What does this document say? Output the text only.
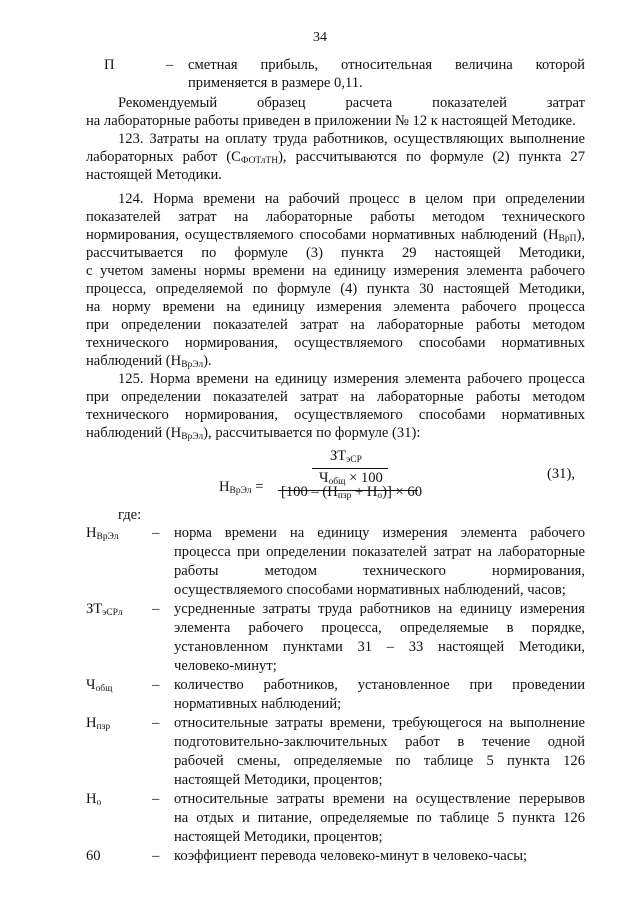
34
П	– сметная прибыль, относительная величина которой

применяется в размере 0,11.

Рекомендуемый образец расчета показателей затрат

на лабораторные работы приведен в приложении № 12 к настоящей Методике.

123. Затраты на оплату труда работников, осуществляющих выполнение

лабораторных работ $(С_{ФОТлТН})$, рассчитываются по формуле (2) пункта 27

настоящей Методики.

124. Норма времени на рабочий процесс в целом при определении

показателей затрат на лабораторные работы методом технического

нормирования, осуществляемого способами нормативных наблюдений $(Н_{ВрП})$,

рассчитывается по формуле (3) пункта 29 настоящей Методики,

с учетом замены нормы времени на единицу измерения элемента рабочего

процесса, определяемой по формуле (4) пункта 30 настоящей Методики,

на норму времени на единицу измерения элемента рабочего процесса

при определении показателей затрат на лабораторные работы методом

технического нормирования, осуществляемого способами нормативных

наблюдений $(Н_{ВрЭл})$.

125. Норма времени на единицу измерения элемента рабочего процесса

при определении показателей затрат на лабораторные работы методом

технического нормирования, осуществляемого способами нормативных

наблюдений $(Н_{ВрЭл})$, рассчитывается по формуле (31):

$ЗТ_{эСР}$
$Ч_{общ} \times 100$
$Н_{ВрЭл} = [100 - (Н_{пзр} + Н_о)] \times 60$
(31),

где:

$Н_{ВрЭл}$ – норма времени на единицу измерения элемента рабочего
процесса при определении показателей затрат на лабораторные
работы методом технического нормирования,
осуществляемого способами нормативных наблюдений, часов;

$ЗТ_{эСРл}$ – усредненные затраты труда работников на единицу измерения
элемента рабочего процесса, определяемые в порядке,
установленном пунктами 31 – 33 настоящей Методики,
человеко-минут;

$Ч_{общ}$	– количество работников, установленное при проведении
нормативных наблюдений;

$Н_{пзр}$	– относительные затраты времени, требующегося на выполнение
подготовительно-заключительных работ в течение одной
рабочей смены, определяемые по таблице 5 пункта 126
настоящей Методики, процентов;

$Н_о$	– относительные затраты времени на осуществление перерывов
на отдых и питание, определяемые по таблице 5 пункта 126
настоящей Методики, процентов;

60	– коэффициент перевода человеко-минут в человеко-часы;
